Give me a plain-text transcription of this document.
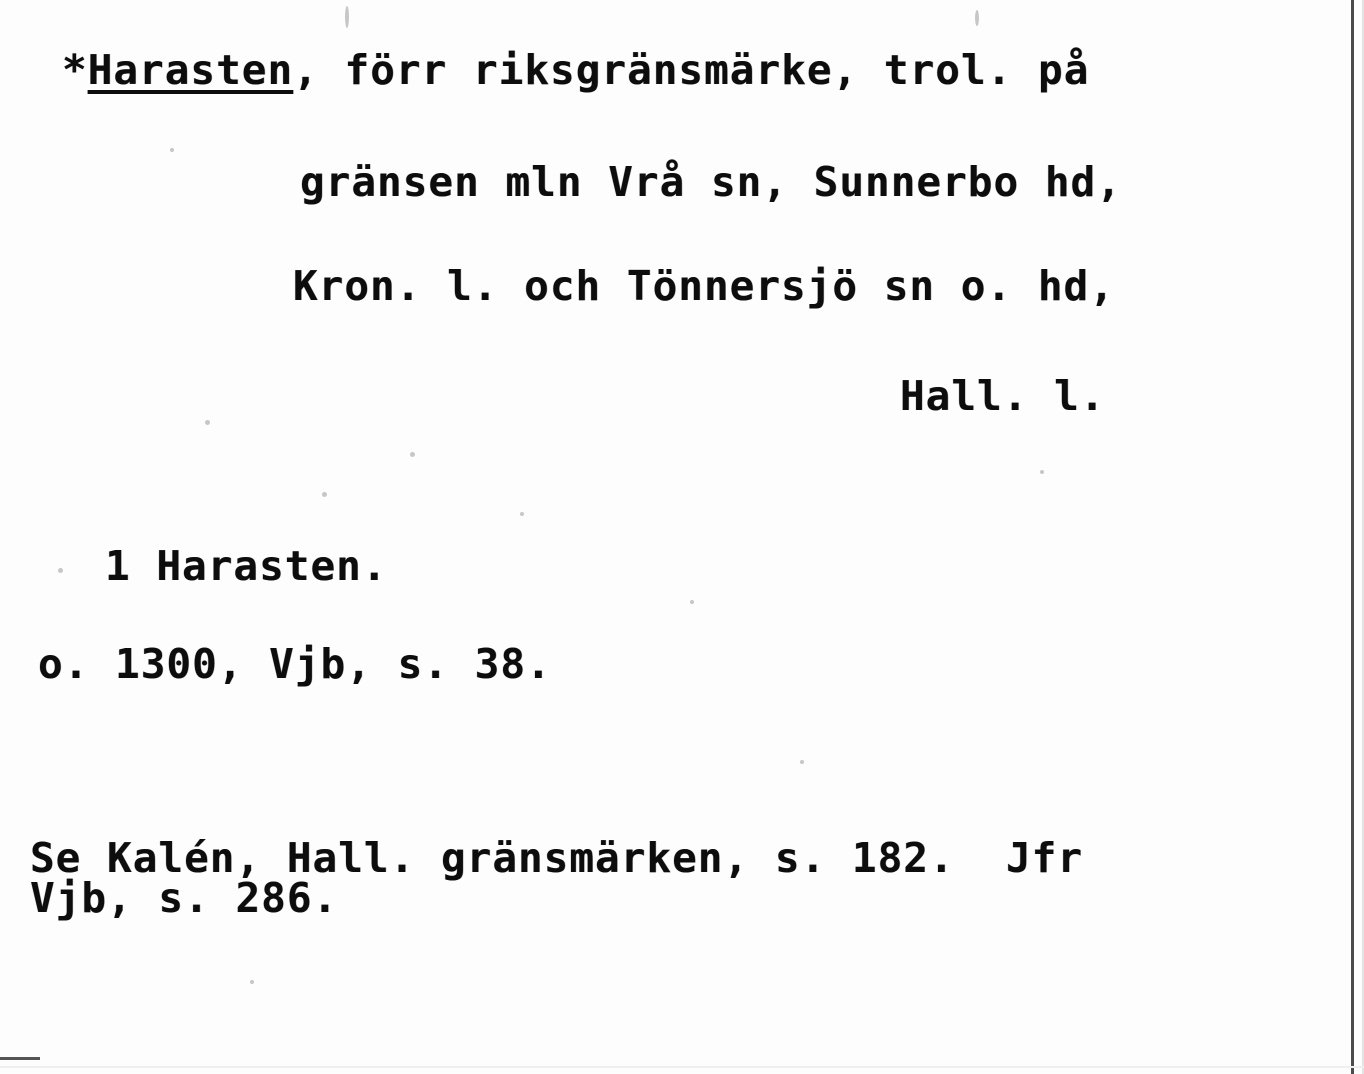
*Harasten, förr riksgränsmärke, trol. på
gränsen mln Vrå sn, Sunnerbo hd,
Kron. l. och Tönnersjö sn o. hd,
Hall. l.
1 Harasten.
o. 1300, Vjb, s. 38.
Se Kalén, Hall. gränsmärken, s. 182.  Jfr
Vjb, s. 286.
